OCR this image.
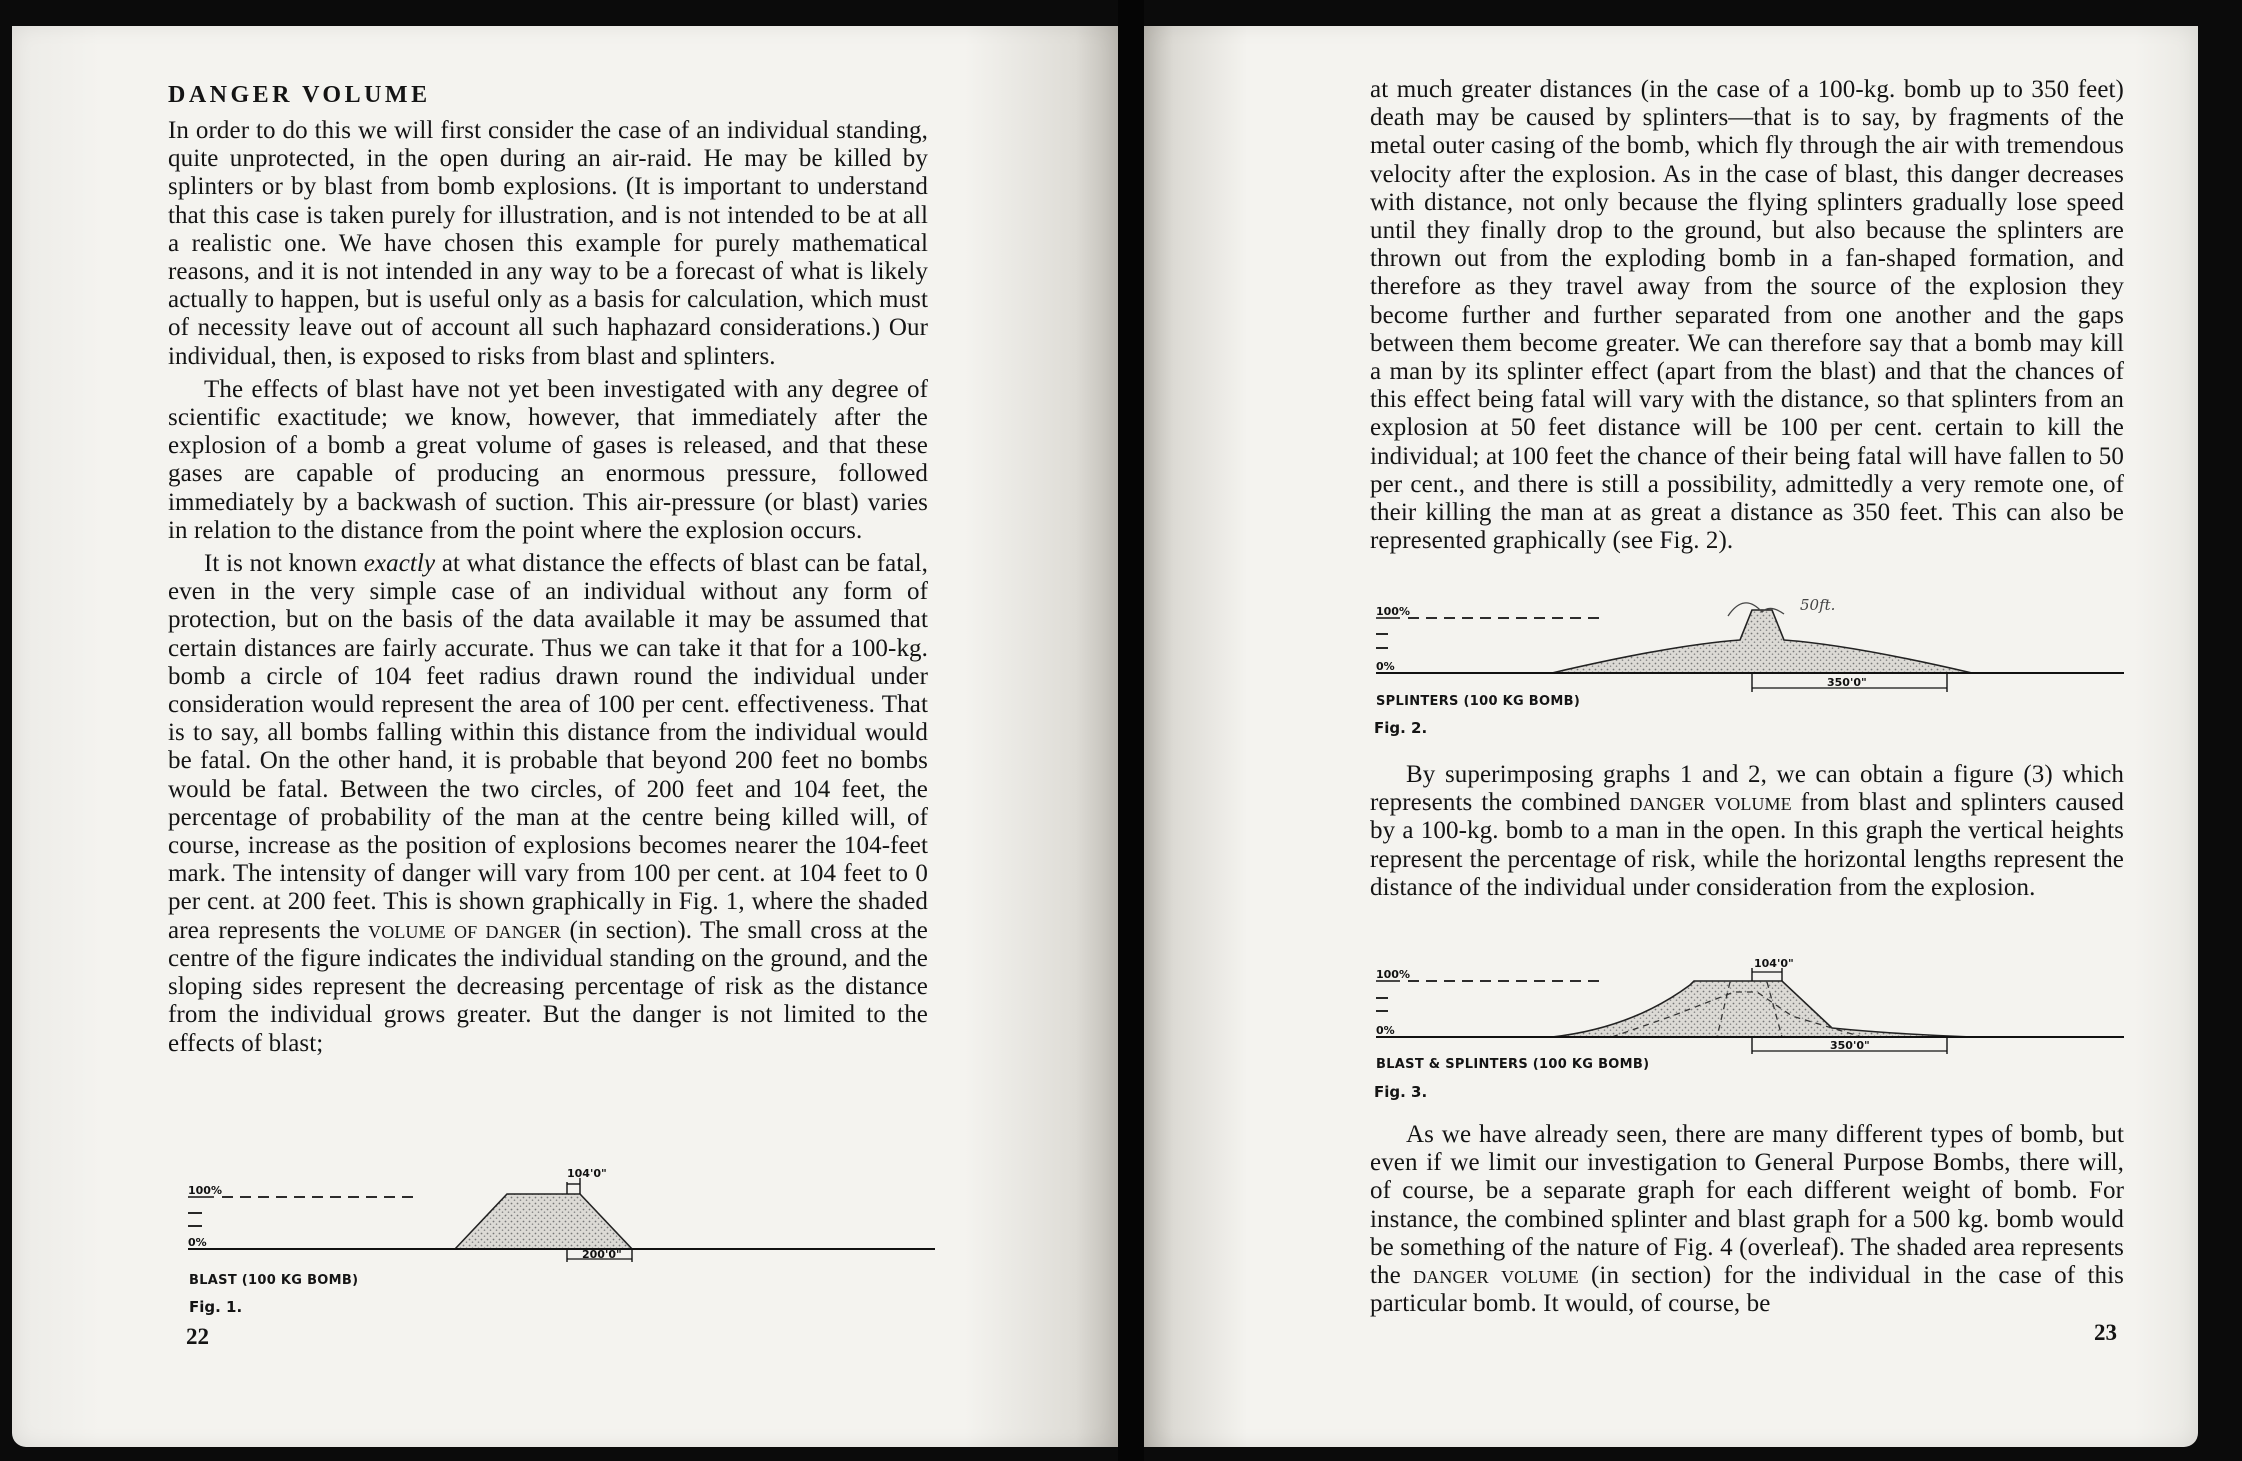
DANGER VOLUME

In order to do this we will first consider the case of an individual standing, quite unprotected, in the open during an air-raid. He may be killed by splinters or by blast from bomb explosions. (It is important to understand that this case is taken purely for illustration, and is not intended to be at all a realistic one. We have chosen this example for purely mathematical reasons, and it is not intended in any way to be a forecast of what is likely actually to happen, but is useful only as a basis for calculation, which must of necessity leave out of account all such haphazard considerations.) Our individual, then, is exposed to risks from blast and splinters.

The effects of blast have not yet been investigated with any degree of scientific exactitude; we know, however, that immediately after the explosion of a bomb a great volume of gases is released, and that these gases are capable of producing an enormous pressure, followed immediately by a backwash of suction. This air-pressure (or blast) varies in relation to the distance from the point where the explosion occurs.

It is not known exactly at what distance the effects of blast can be fatal, even in the very simple case of an individual without any form of protection, but on the basis of the data available it may be assumed that certain distances are fairly accurate. Thus we can take it that for a 100-kg. bomb a circle of 104 feet radius drawn round the individual under consideration would represent the area of 100 per cent. effectiveness. That is to say, all bombs falling within this distance from the individual would be fatal. On the other hand, it is probable that beyond 200 feet no bombs would be fatal. Between the two circles, of 200 feet and 104 feet, the percentage of probability of the man at the centre being killed will, of course, increase as the position of explosions becomes nearer the 104-feet mark. The intensity of danger will vary from 100 per cent. at 104 feet to 0 per cent. at 200 feet. This is shown graphically in Fig. 1, where the shaded area represents the volume of danger (in section). The small cross at the centre of the figure indicates the individual standing on the ground, and the sloping sides represent the decreasing percentage of risk as the distance from the individual grows greater. But the danger is not limited to the effects of blast;

100%
0%
104'0"
200'0"
BLAST (100 KG BOMB)
Fig. 1.
22

at much greater distances (in the case of a 100-kg. bomb up to 350 feet) death may be caused by splinters—that is to say, by fragments of the metal outer casing of the bomb, which fly through the air with tremendous velocity after the explosion. As in the case of blast, this danger decreases with distance, not only because the flying splinters gradually lose speed until they finally drop to the ground, but also because the splinters are thrown out from the exploding bomb in a fan-shaped formation, and therefore as they travel away from the source of the explosion they become further and further separated from one another and the gaps between them become greater. We can therefore say that a bomb may kill a man by its splinter effect (apart from the blast) and that the chances of this effect being fatal will vary with the distance, so that splinters from an explosion at 50 feet distance will be 100 per cent. certain to kill the individual; at 100 feet the chance of their being fatal will have fallen to 50 per cent., and there is still a possibility, admittedly a very remote one, of their killing the man at as great a distance as 350 feet. This can also be represented graphically (see Fig. 2).

100%
0%
50ft.
350'0"
SPLINTERS (100 KG BOMB)
Fig. 2.

By superimposing graphs 1 and 2, we can obtain a figure (3) which represents the combined danger volume from blast and splinters caused by a 100-kg. bomb to a man in the open. In this graph the vertical heights represent the percentage of risk, while the horizontal lengths represent the distance of the individual under consideration from the explosion.

100%
0%
104'0"
350'0"
BLAST & SPLINTERS (100 KG BOMB)
Fig. 3.

As we have already seen, there are many different types of bomb, but even if we limit our investigation to General Purpose Bombs, there will, of course, be a separate graph for each different weight of bomb. For instance, the combined splinter and blast graph for a 500 kg. bomb would be something of the nature of Fig. 4 (overleaf). The shaded area represents the danger volume (in section) for the individual in the case of this particular bomb. It would, of course, be

23
